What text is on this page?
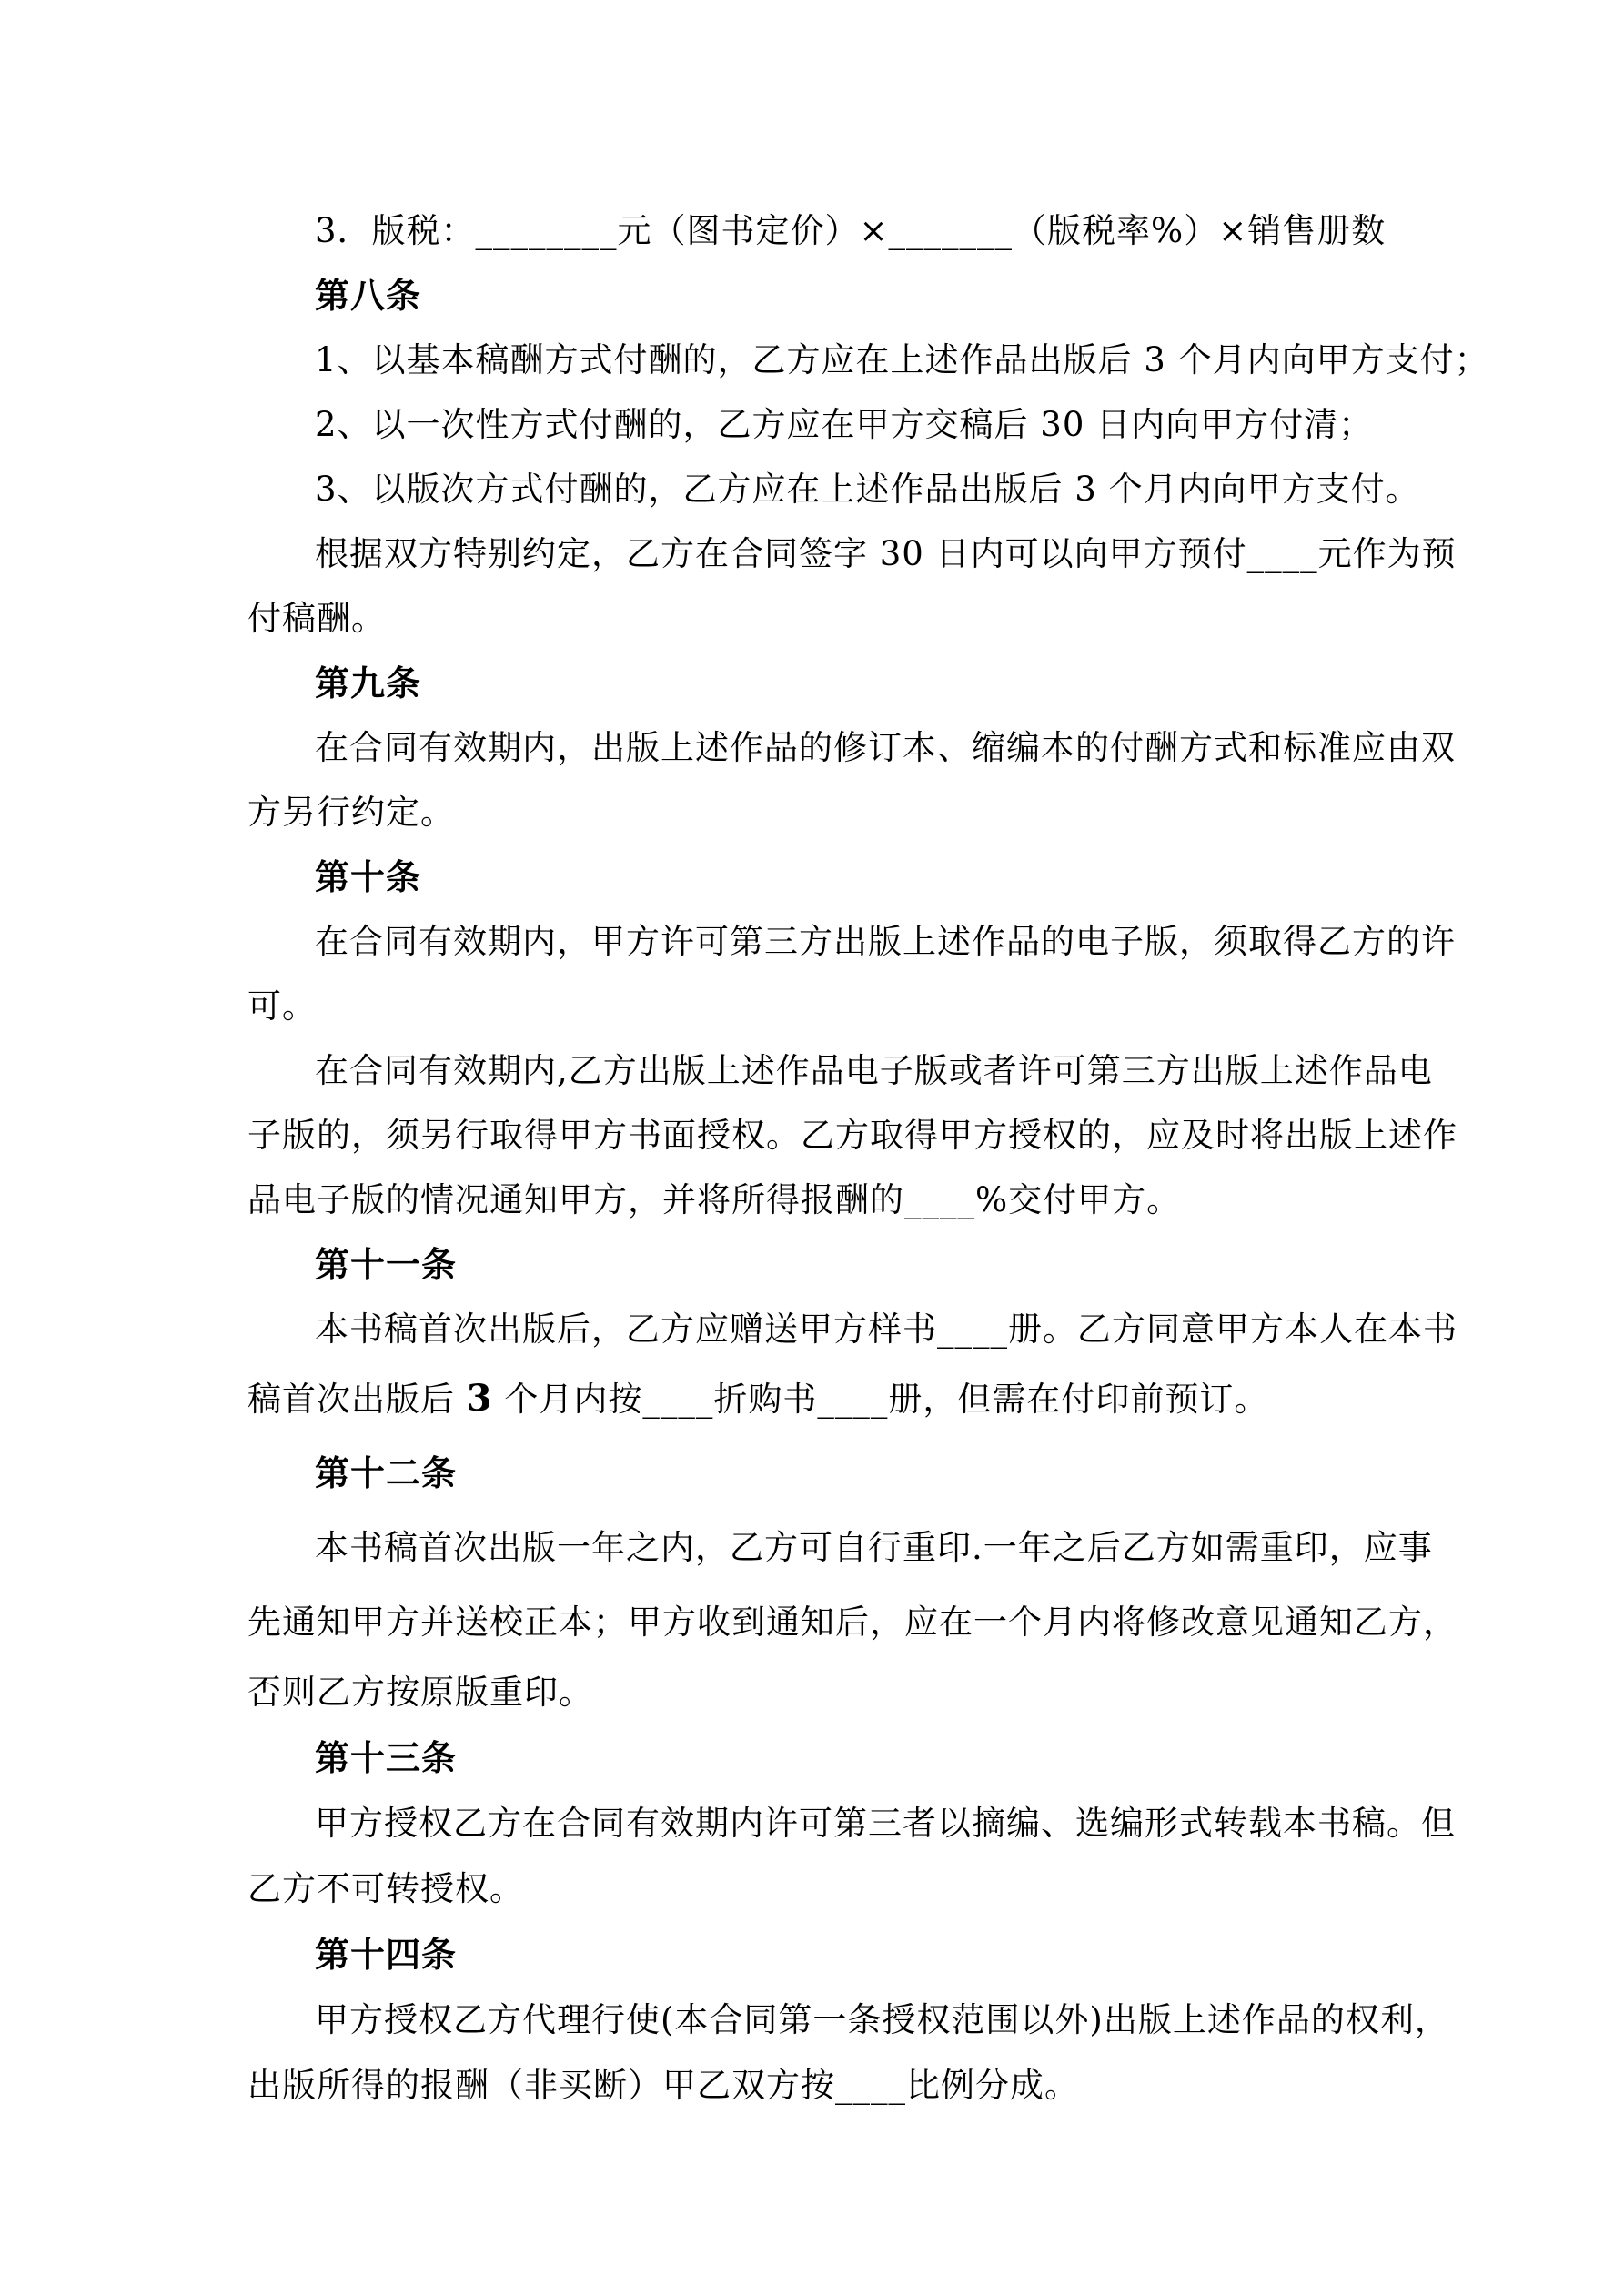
3．版税：________元（图书定价）×_______（版税率%）×销售册数
第八条
1、以基本稿酬方式付酬的，乙方应在上述作品出版后 3 个月内向甲方支付；
2、以一次性方式付酬的，乙方应在甲方交稿后 30 日内向甲方付清；
3、以版次方式付酬的，乙方应在上述作品出版后 3 个月内向甲方支付。
根据双方特别约定，乙方在合同签字 30 日内可以向甲方预付____元作为预
付稿酬。
第九条
在合同有效期内，出版上述作品的修订本、缩编本的付酬方式和标准应由双
方另行约定。
第十条
在合同有效期内，甲方许可第三方出版上述作品的电子版，须取得乙方的许
可。
在合同有效期内,乙方出版上述作品电子版或者许可第三方出版上述作品电
子版的，须另行取得甲方书面授权。乙方取得甲方授权的，应及时将出版上述作
品电子版的情况通知甲方，并将所得报酬的____%交付甲方。
第十一条
本书稿首次出版后，乙方应赠送甲方样书____册。乙方同意甲方本人在本书
稿首次出版后 3 个月内按____折购书____册，但需在付印前预订。
第十二条
本书稿首次出版一年之内，乙方可自行重印.一年之后乙方如需重印，应事
先通知甲方并送校正本；甲方收到通知后，应在一个月内将修改意见通知乙方，
否则乙方按原版重印。
第十三条
甲方授权乙方在合同有效期内许可第三者以摘编、选编形式转载本书稿。但
乙方不可转授权。
第十四条
甲方授权乙方代理行使(本合同第一条授权范围以外)出版上述作品的权利，
出版所得的报酬（非买断）甲乙双方按____比例分成。
